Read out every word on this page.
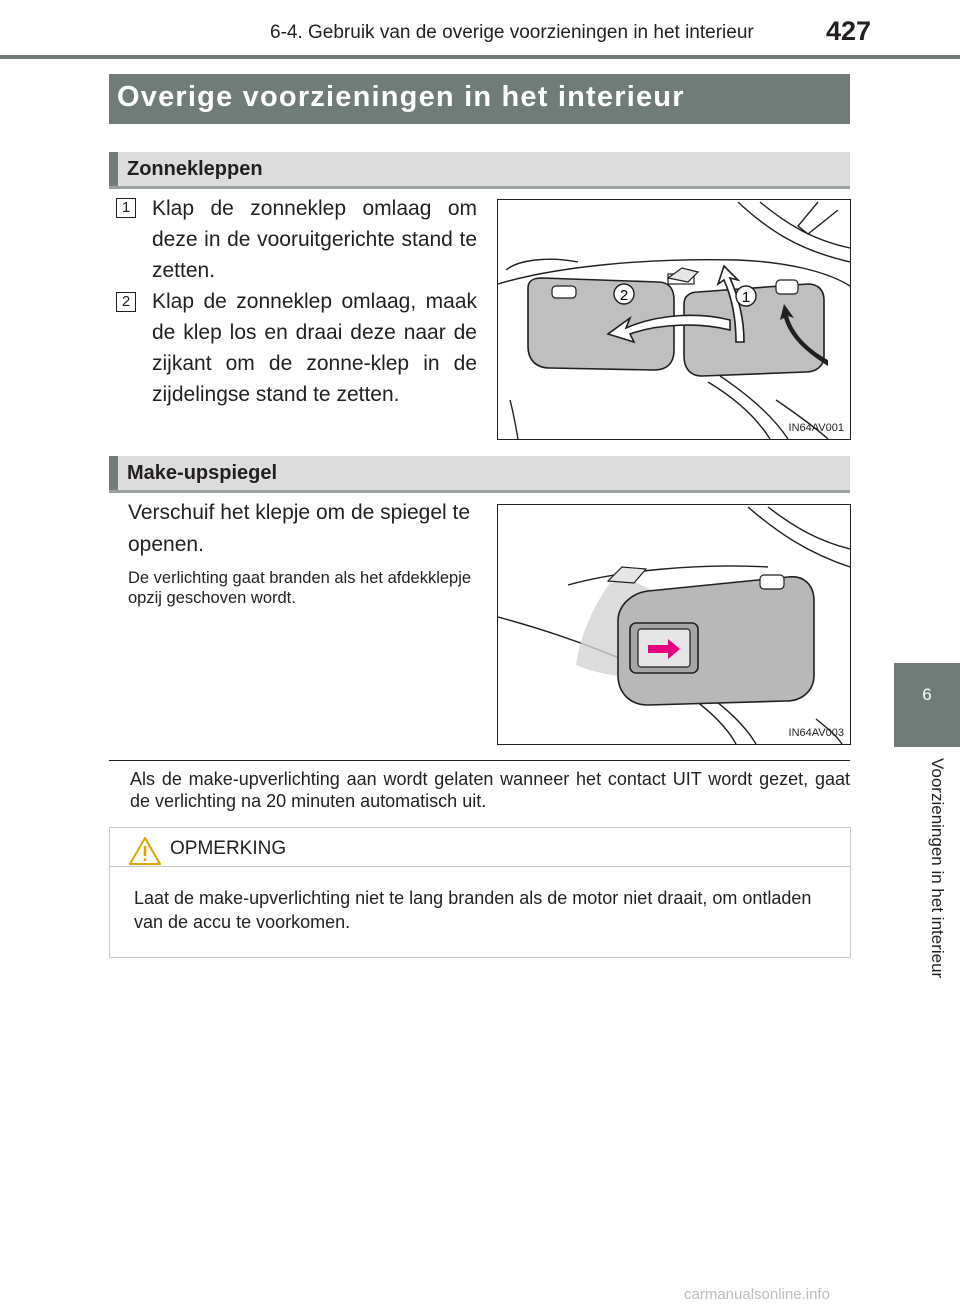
6-4. Gebruik van de overige voorzieningen in het interieur	427
6
Voorzieningen in het interieur
Overige voorzieningen in het interieur
Zonnekleppen
1 Klap de zonneklep omlaag om deze in de vooruitgerichte stand te zetten.
2 Klap de zonneklep omlaag, maak de klep los en draai deze naar de zijkant om de zonne-klep in de zijdelingse stand te zetten.
2	1
IN64AV001
Make-upspiegel
Verschuif het klepje om de spiegel te openen.
De verlichting gaat branden als het afdekklepje opzij geschoven wordt.
IN64AV003
Als de make-upverlichting aan wordt gelaten wanneer het contact UIT wordt gezet, gaat de verlichting na 20 minuten automatisch uit.
OPMERKING
Laat de make-upverlichting niet te lang branden als de motor niet draait, om ontladen van de accu te voorkomen.
carmanualsonline.info
